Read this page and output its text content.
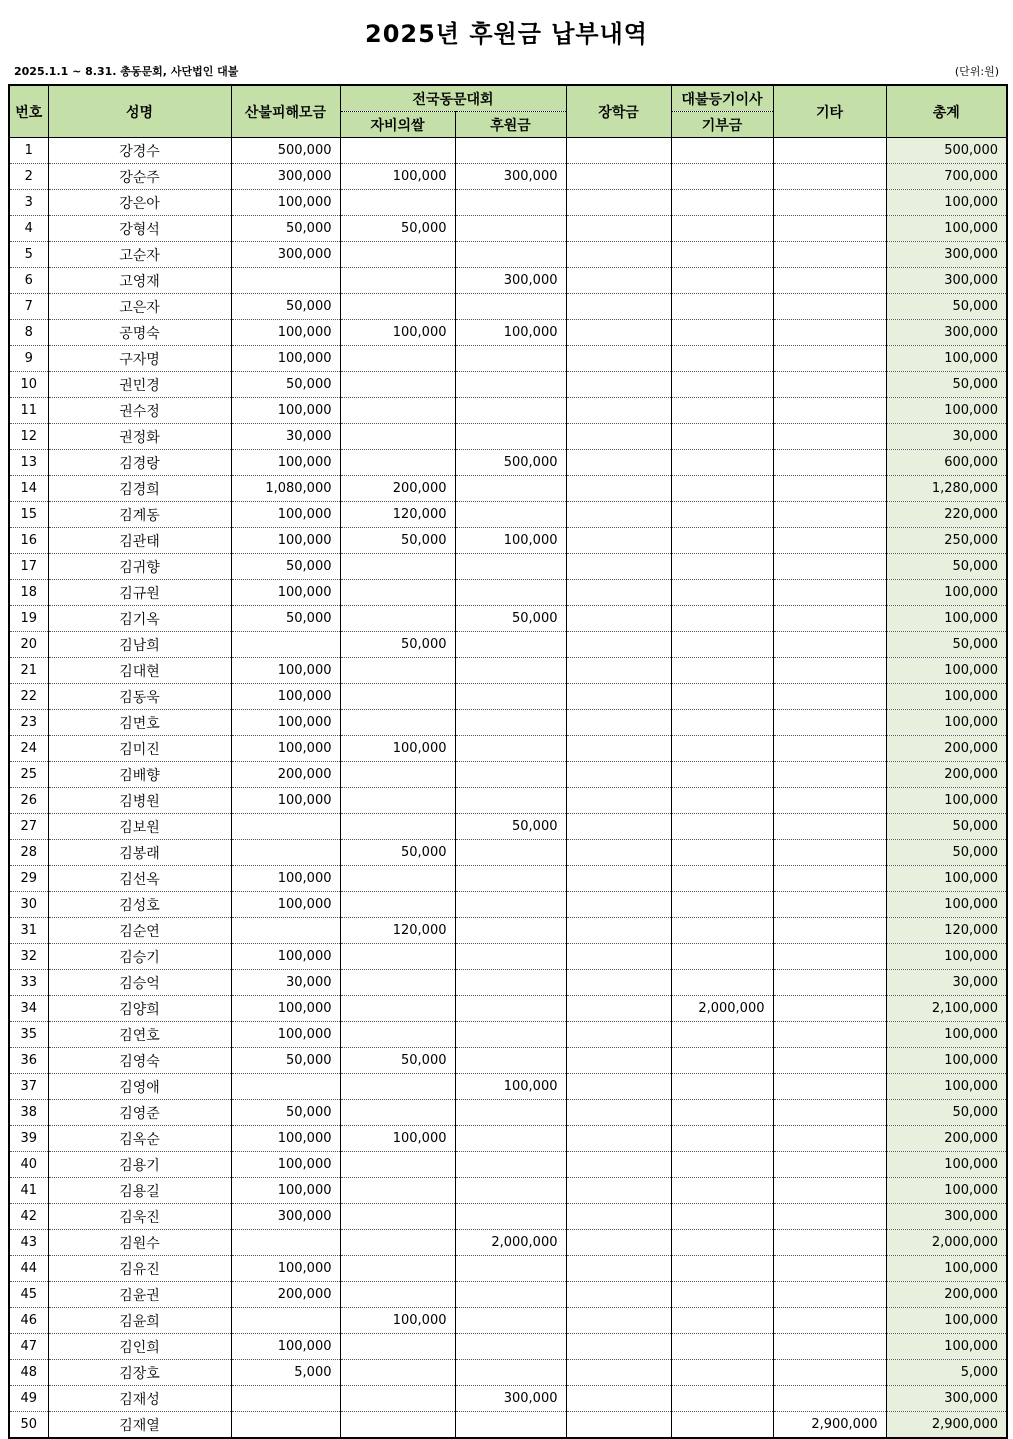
2025년 후원금 납부내역
2025.1.1 ~ 8.31. 총동문회, 사단법인 대불	(단위:원)
번호	성명	산불피해모금	전국동문대회		장학금	대불등기이사	기타	총계
			자비의쌀	후원금		기부금		
1	강경수	500,000						500,000
2	강순주	300,000	100,000	300,000				700,000
3	강은아	100,000						100,000
4	강형석	50,000	50,000					100,000
5	고순자	300,000						300,000
6	고영재			300,000				300,000
7	고은자	50,000						50,000
8	공명숙	100,000	100,000	100,000				300,000
9	구자명	100,000						100,000
10	권민경	50,000						50,000
11	권수정	100,000						100,000
12	권정화	30,000						30,000
13	김경랑	100,000		500,000				600,000
14	김경희	1,080,000	200,000					1,280,000
15	김계동	100,000	120,000					220,000
16	김관태	100,000	50,000	100,000				250,000
17	김귀향	50,000						50,000
18	김규원	100,000						100,000
19	김기옥	50,000		50,000				100,000
20	김남희		50,000					50,000
21	김대현	100,000						100,000
22	김동욱	100,000						100,000
23	김면호	100,000						100,000
24	김미진	100,000	100,000					200,000
25	김배향	200,000						200,000
26	김병원	100,000						100,000
27	김보원			50,000				50,000
28	김봉래		50,000					50,000
29	김선옥	100,000						100,000
30	김성호	100,000						100,000
31	김순연		120,000					120,000
32	김승기	100,000						100,000
33	김승억	30,000						30,000
34	김양희	100,000				2,000,000		2,100,000
35	김연호	100,000						100,000
36	김영숙	50,000	50,000					100,000
37	김영애			100,000				100,000
38	김영준	50,000						50,000
39	김옥순	100,000	100,000					200,000
40	김용기	100,000						100,000
41	김용길	100,000						100,000
42	김욱진	300,000						300,000
43	김원수			2,000,000				2,000,000
44	김유진	100,000						100,000
45	김윤권	200,000						200,000
46	김윤희		100,000					100,000
47	김인희	100,000						100,000
48	김장호	5,000						5,000
49	김재성			300,000				300,000
50	김재열						2,900,000	2,900,000
